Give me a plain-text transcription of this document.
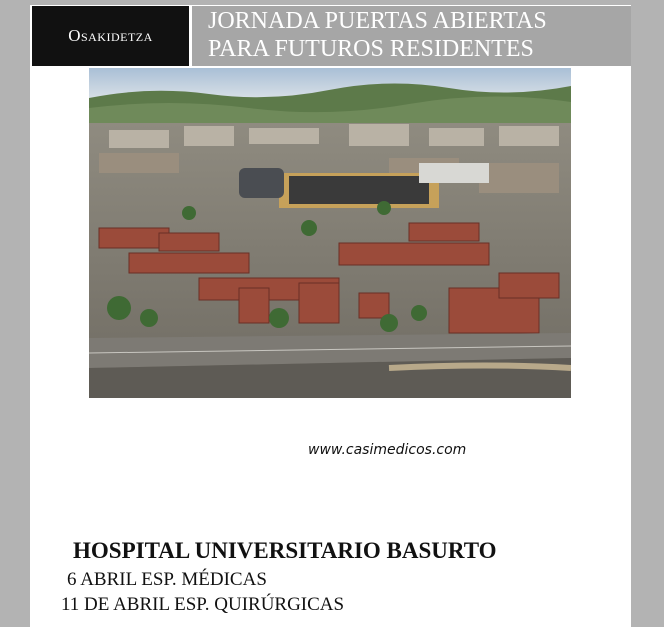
Osakidetza
JORNADA PUERTAS ABIERTAS
PARA FUTUROS RESIDENTES
www.casimedicos.com
HOSPITAL UNIVERSITARIO BASURTO
6 ABRIL ESP. MÉDICAS
11 DE ABRIL ESP. QUIRÚRGICAS
